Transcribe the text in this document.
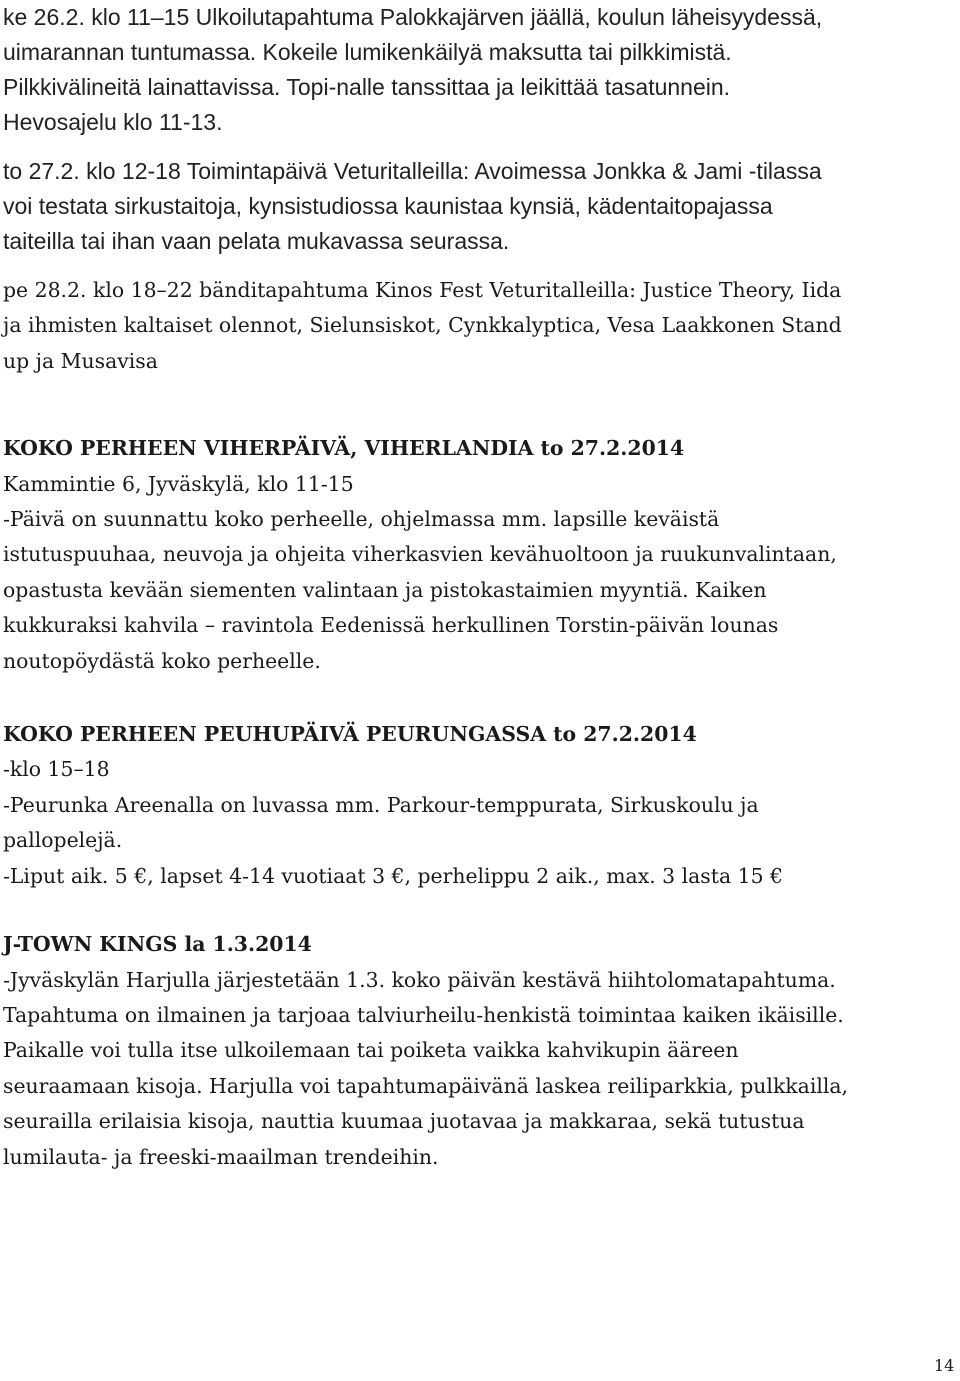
ke 26.2. klo 11–15 Ulkoilutapahtuma Palokkajärven jäällä, koulun läheisyydessä,

uimarannan tuntumassa. Kokeile lumikenkäilyä maksutta tai pilkkimistä.

Pilkkivälineitä lainattavissa. Topi-nalle tanssittaa ja leikittää tasatunnein.

Hevosajelu klo 11-13.

to 27.2. klo 12-18 Toimintapäivä Veturitalleilla: Avoimessa Jonkka & Jami -tilassa

voi testata sirkustaitoja, kynsistudiossa kaunistaa kynsiä, kädentaitopajassa

taiteilla tai ihan vaan pelata mukavassa seurassa.

pe 28.2. klo 18–22 bänditapahtuma Kinos Fest Veturitalleilla: Justice Theory, Iida

ja ihmisten kaltaiset olennot, Sielunsiskot, Cynkkalyptica, Vesa Laakkonen Stand

up ja Musavisa

KOKO PERHEEN VIHERPÄIVÄ, VIHERLANDIA to 27.2.2014

Kammintie 6, Jyväskylä, klo 11-15

-Päivä on suunnattu koko perheelle, ohjelmassa mm. lapsille keväistä

istutuspuuhaa, neuvoja ja ohjeita viherkasvien kevähuoltoon ja ruukunvalintaan,

opastusta kevään siementen valintaan ja pistokastaimien myyntiä. Kaiken

kukkuraksi kahvila – ravintola Eedenissä herkullinen Torstin-päivän lounas

noutopöydästä koko perheelle.

KOKO PERHEEN PEUHUPÄIVÄ PEURUNGASSA to 27.2.2014

-klo 15–18

-Peurunka Areenalla on luvassa mm. Parkour-temppurata, Sirkuskoulu ja

pallopelejä.

-Liput aik. 5 €, lapset 4-14 vuotiaat 3 €, perhelippu 2 aik., max. 3 lasta 15 €

J-TOWN KINGS la 1.3.2014

-Jyväskylän Harjulla järjestetään 1.3. koko päivän kestävä hiihtolomatapahtuma.

Tapahtuma on ilmainen ja tarjoaa talviurheilu-henkistä toimintaa kaiken ikäisille.

Paikalle voi tulla itse ulkoilemaan tai poiketa vaikka kahvikupin ääreen

seuraamaan kisoja. Harjulla voi tapahtumapäivänä laskea reiliparkkia, pulkkailla,

seurailla erilaisia kisoja, nauttia kuumaa juotavaa ja makkaraa, sekä tutustua

lumilauta- ja freeski-maailman trendeihin.

14
